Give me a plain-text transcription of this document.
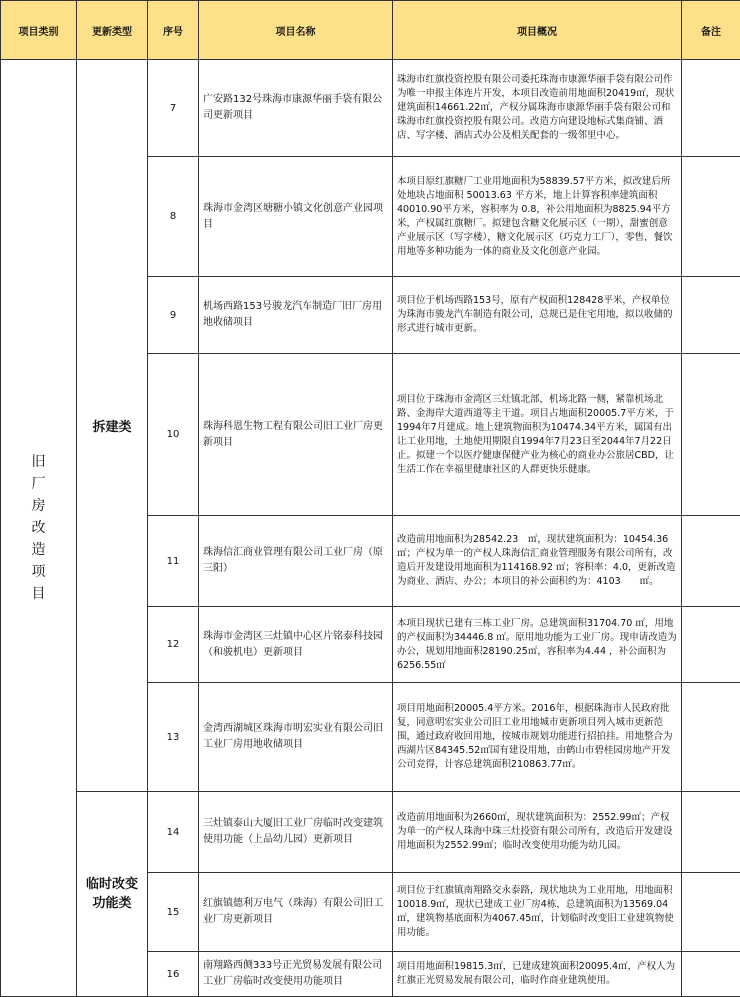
项目类别	更新类型	序号	项目名称	项目概况	备注

旧厂房改造项目	拆建类	7	广安路132号珠海市康源华丽手袋有限公司更新项目	珠海市红旗投资控股有限公司委托珠海市康源华丽手袋有限公司作为唯一申报主体连片开发，本项目改造前用地面积20419㎡，现状建筑面积14661.22㎡，产权分属珠海市康源华丽手袋有限公司和珠海市红旗投资控股有限公司。改造方向建设地标式集商铺、酒店、写字楼、酒店式办公及相关配套的一级邻里中心。	
		8	珠海市金湾区塘糖小镇文化创意产业园项目	本项目原红旗糖厂工业用地面积为58839.57平方米，拟改建后所处地块占地面积 50013.63 平方米，地上计算容积率建筑面积40010.90平方米，容积率为 0.8，补公用地面积为8825.94平方米，产权属红旗糖厂。拟建包含糖文化展示区（一期），甜蜜创意产业展示区（写字楼），糖文化展示区（巧克力工厂），零售，餐饮用地等多种功能为一体的商业及文化创意产业园。	
		9	机场西路153号骏龙汽车制造厂旧厂房用地收储项目	项目位于机场西路153号，原有产权面积128428平米，产权单位为珠海市骏龙汽车制造有限公司，总规已是住宅用地，拟以收储的形式进行城市更新。	
		10	珠海科恩生物工程有限公司旧工业厂房更新项目	项目位于珠海市金湾区三灶镇北部，机场北路一侧，紧靠机场北路、金海岸大道西道等主干道。项目占地面积20005.7平方米，于1994年7月建成。地上建筑物面积为10474.34平方米，属国有出让工业用地，土地使用期限自1994年7月23日至2044年7月22日止。拟建一个以医疗健康保健产业为核心的商业办公旅居CBD，让生活工作在幸福里健康社区的人群更快乐健康。	
		11	珠海信汇商业管理有限公司工业厂房（原三阳）	改造前用地面积为28542.23　㎡，现状建筑面积为：10454.36 ㎡；产权为单一的产权人珠海信汇商业管理服务有限公司所有，改造后开发建设用地面积为114168.92 ㎡；容积率：4.0，更新改造为商业、酒店、办公；本项目的补公面积约为：4103　　㎡。	
		12	珠海市金湾区三灶镇中心区片铭泰科技园（和骏机电）更新项目	本项目现状已建有三栋工业厂房。总建筑面积31704.70 ㎡，用地的产权面积为34446.8 ㎡。原用地功能为工业厂房。现申请改造为办公，规划用地面积28190.25㎡，容积率为4.44 ，补公面积为6256.55㎡	
		13	金湾西湖城区珠海市明宏实业有限公司旧工业厂房用地收储项目	项目用地面积20005.4平方米。2016年，根据珠海市人民政府批复，同意明宏实业公司旧工业用地城市更新项目列入城市更新范围，通过政府收回用地，按城市规划功能进行招拍挂。用地整合为西湖片区84345.52㎡国有建设用地，由鹤山市碧桂园房地产开发公司竞得，计容总建筑面积210863.77㎡。	

	临时改变功能类	14	三灶镇泰山大厦旧工业厂房临时改变建筑使用功能（上品幼儿园）更新项目	改造前用地面积为2660㎡，现状建筑面积为：2552.99㎡；产权为单一的产权人珠海中珠三灶投资有限公司所有，改造后开发建设用地面积为2552.99㎡；临时改变使用功能为幼儿园。	
		15	红旗镇德利万电气（珠海）有限公司旧工业厂房更新项目	项目位于红旗镇南翔路交永泰路，现状地块为工业用地，用地面积10018.9㎡，现状已建成工业厂房4栋，总建筑面积为13569.04㎡，建筑物基底面积为4067.45㎡，计划临时改变旧工业建筑物使用功能。	
		16	南翔路西侧333号正光贸易发展有限公司工业厂房临时改变使用功能项目	项目用地面积19815.3㎡，已建成建筑面积20095.4㎡，产权人为红旗正光贸易发展有限公司，临时作商业建筑使用。	
